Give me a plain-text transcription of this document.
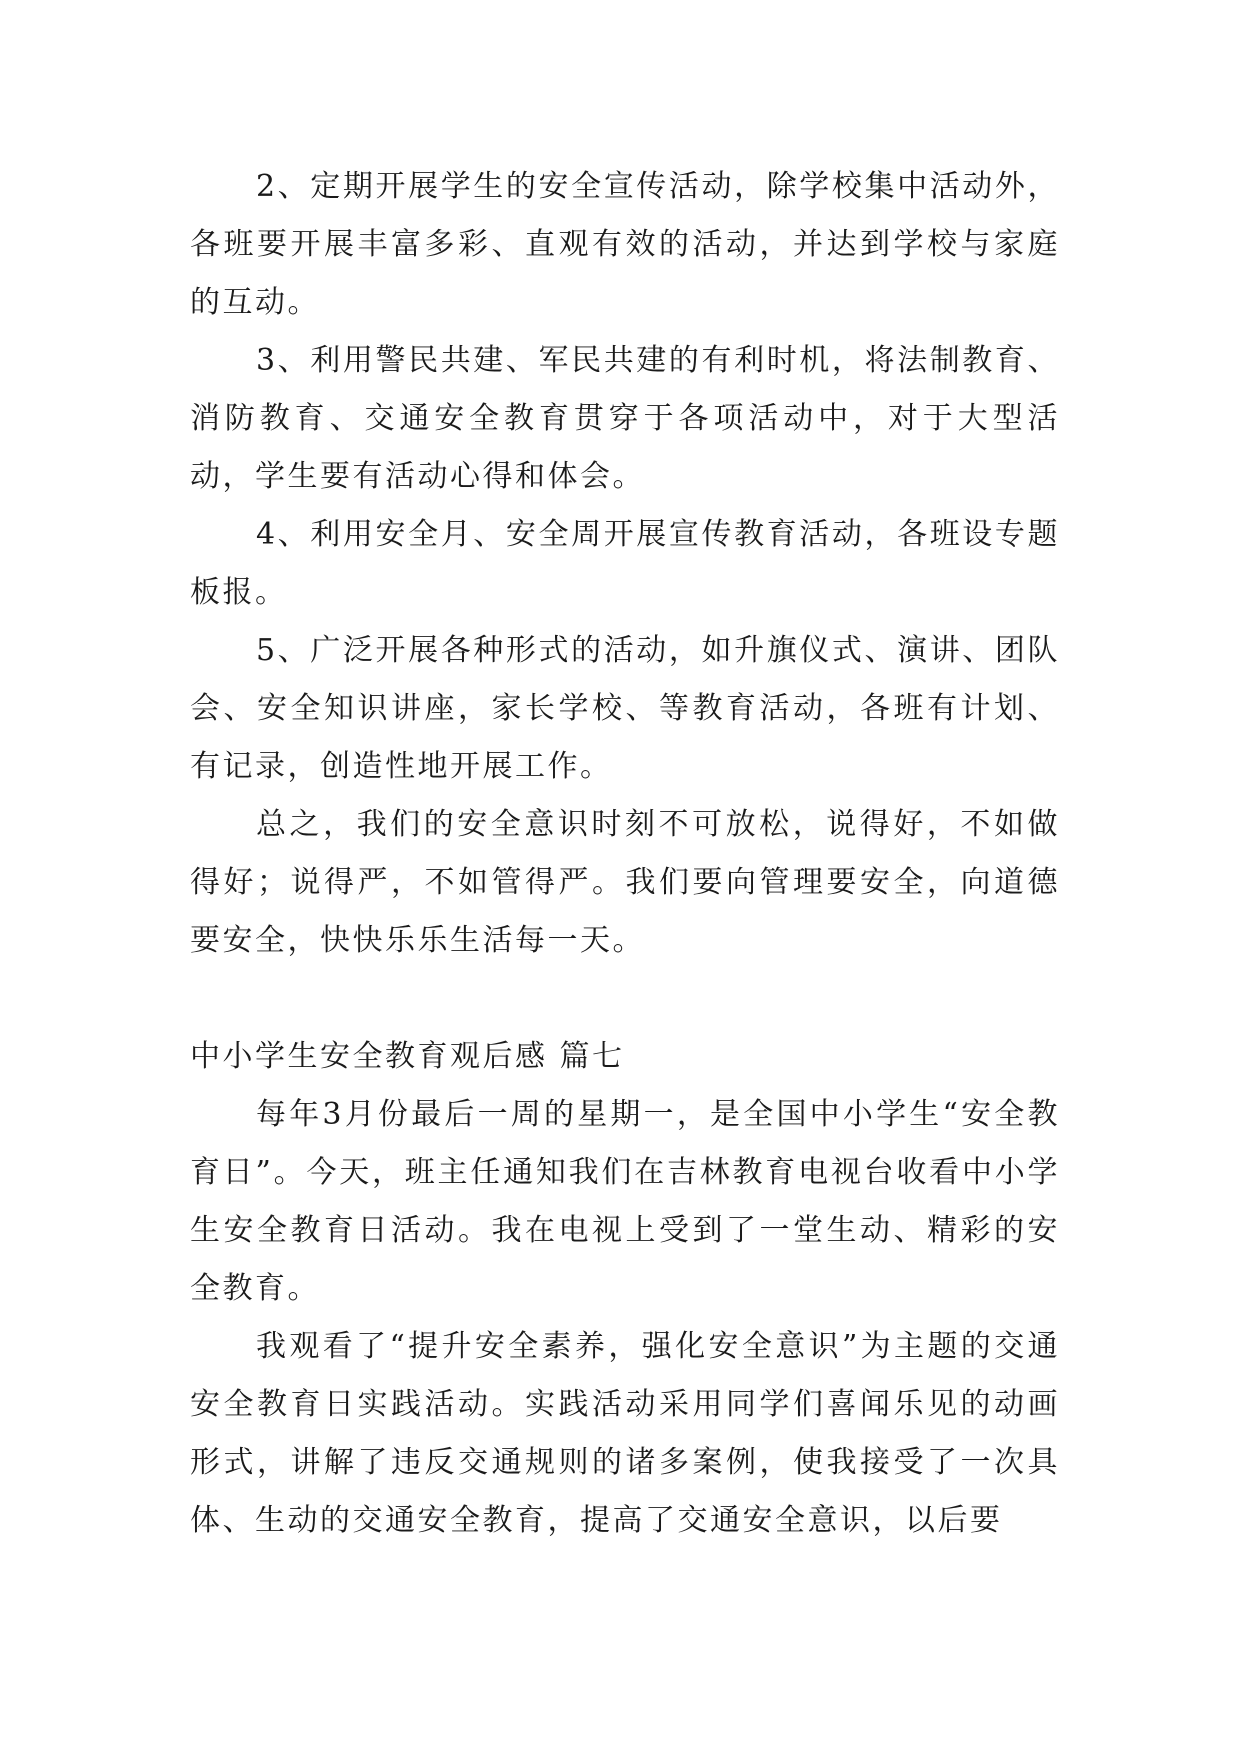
2、定期开展学生的安全宣传活动，除学校集中活动外，各班要开展丰富多彩、直观有效的活动，并达到学校与家庭的互动。

3、利用警民共建、军民共建的有利时机，将法制教育、消防教育、交通安全教育贯穿于各项活动中，对于大型活动，学生要有活动心得和体会。

4、利用安全月、安全周开展宣传教育活动，各班设专题板报。

5、广泛开展各种形式的活动，如升旗仪式、演讲、团队会、安全知识讲座，家长学校、等教育活动，各班有计划、有记录，创造性地开展工作。

总之，我们的安全意识时刻不可放松，说得好，不如做得好；说得严，不如管得严。我们要向管理要安全，向道德要安全，快快乐乐生活每一天。

中小学生安全教育观后感 篇七

每年3月份最后一周的星期一，是全国中小学生“安全教育日”。今天，班主任通知我们在吉林教育电视台收看中小学生安全教育日活动。我在电视上受到了一堂生动、精彩的安全教育。

我观看了“提升安全素养，强化安全意识”为主题的交通安全教育日实践活动。实践活动采用同学们喜闻乐见的动画形式，讲解了违反交通规则的诸多案例，使我接受了一次具体、生动的交通安全教育，提高了交通安全意识，以后要
